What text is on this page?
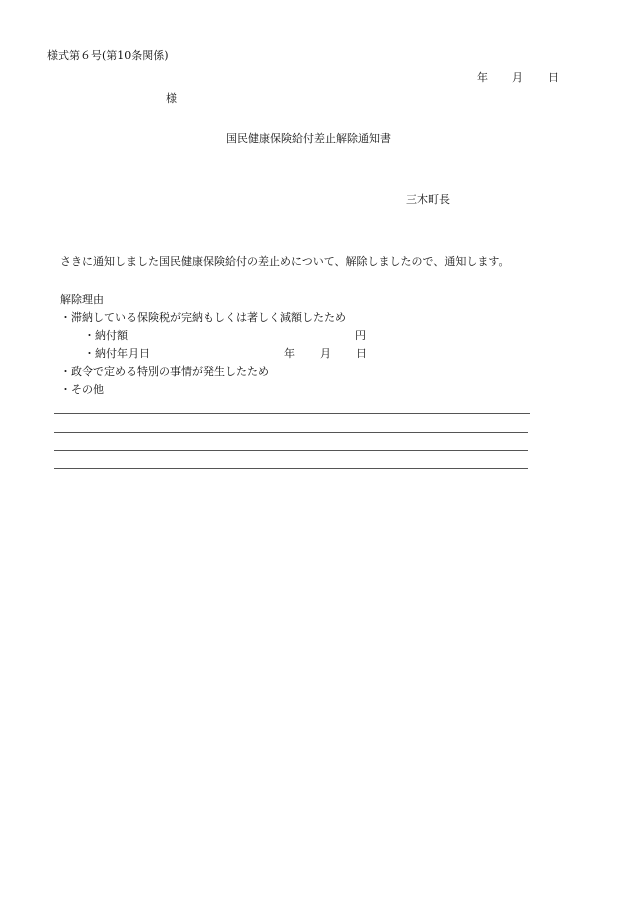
様式第６号(第10条関係)
年 月 日
様
国民健康保険給付差止解除通知書
三木町長
さきに通知しました国民健康保険給付の差止めについて、解除しましたので、通知します。
解除理由
・滞納している保険税が完納もしくは著しく減額したため
・納付額	円
・納付年月日	年 月 日
・政令で定める特別の事情が発生したため
・その他
